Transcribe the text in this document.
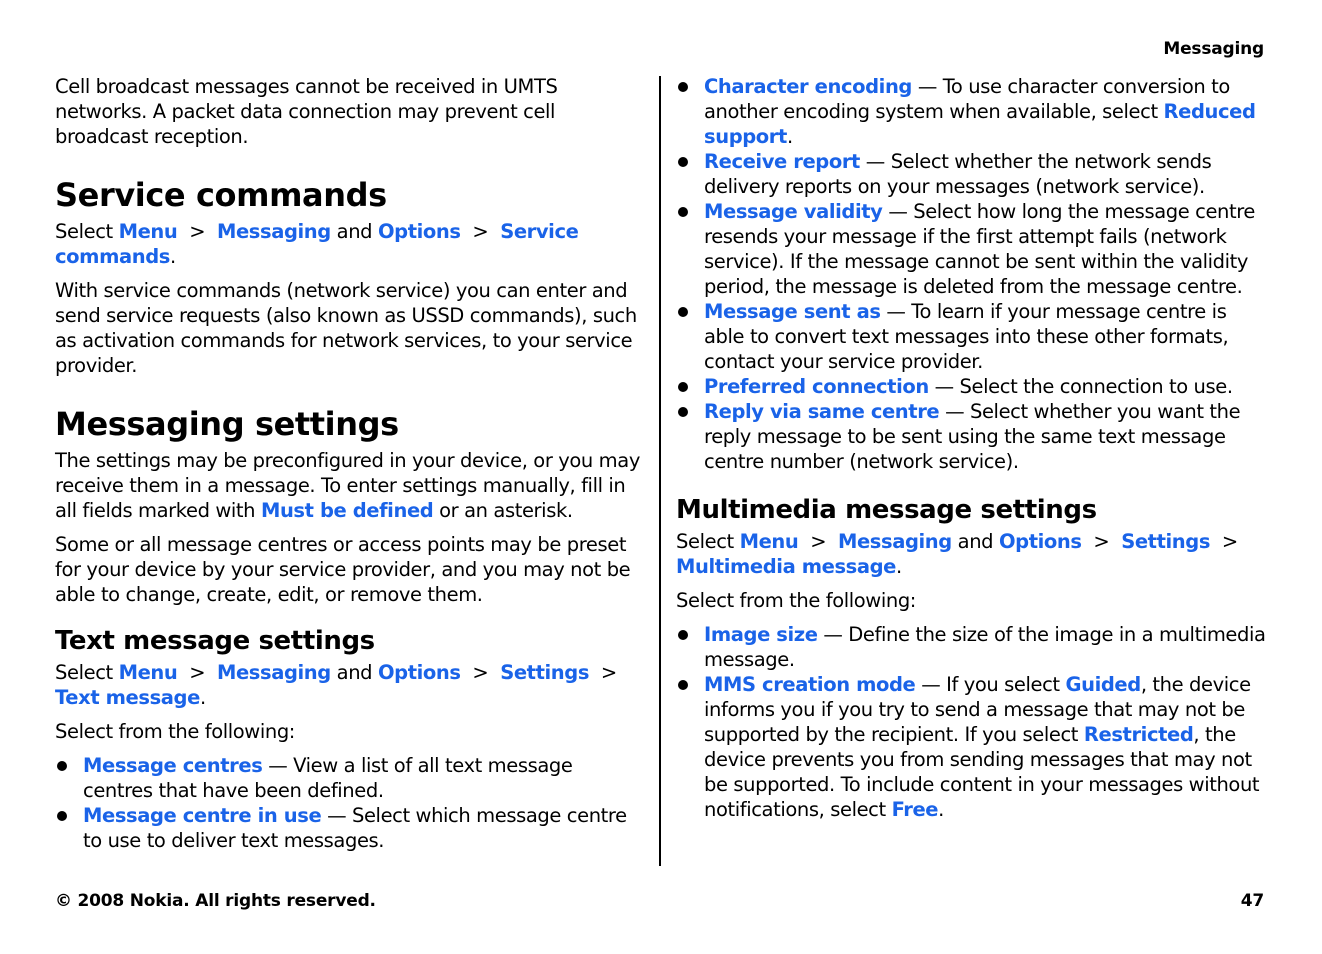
Messaging

Cell broadcast messages cannot be received in UMTS networks. A packet data connection may prevent cell broadcast reception.

Service commands

Select Menu > Messaging and Options > Service commands.

With service commands (network service) you can enter and send service requests (also known as USSD commands), such as activation commands for network services, to your service provider.

Messaging settings

The settings may be preconfigured in your device, or you may receive them in a message. To enter settings manually, fill in all fields marked with Must be defined or an asterisk.

Some or all message centres or access points may be preset for your device by your service provider, and you may not be able to change, create, edit, or remove them.

Text message settings

Select Menu > Messaging and Options > Settings > Text message.

Select from the following:

Message centres — View a list of all text message centres that have been defined.
Message centre in use — Select which message centre to use to deliver text messages.
Character encoding — To use character conversion to another encoding system when available, select Reduced support.
Receive report — Select whether the network sends delivery reports on your messages (network service).
Message validity — Select how long the message centre resends your message if the first attempt fails (network service). If the message cannot be sent within the validity period, the message is deleted from the message centre.
Message sent as — To learn if your message centre is able to convert text messages into these other formats, contact your service provider.
Preferred connection — Select the connection to use.
Reply via same centre — Select whether you want the reply message to be sent using the same text message centre number (network service).
Multimedia message settings

Select Menu > Messaging and Options > Settings > Multimedia message.

Select from the following:

Image size — Define the size of the image in a multimedia message.
MMS creation mode — If you select Guided, the device informs you if you try to send a message that may not be supported by the recipient. If you select Restricted, the device prevents you from sending messages that may not be supported. To include content in your messages without notifications, select Free.
© 2008 Nokia. All rights reserved.	47
